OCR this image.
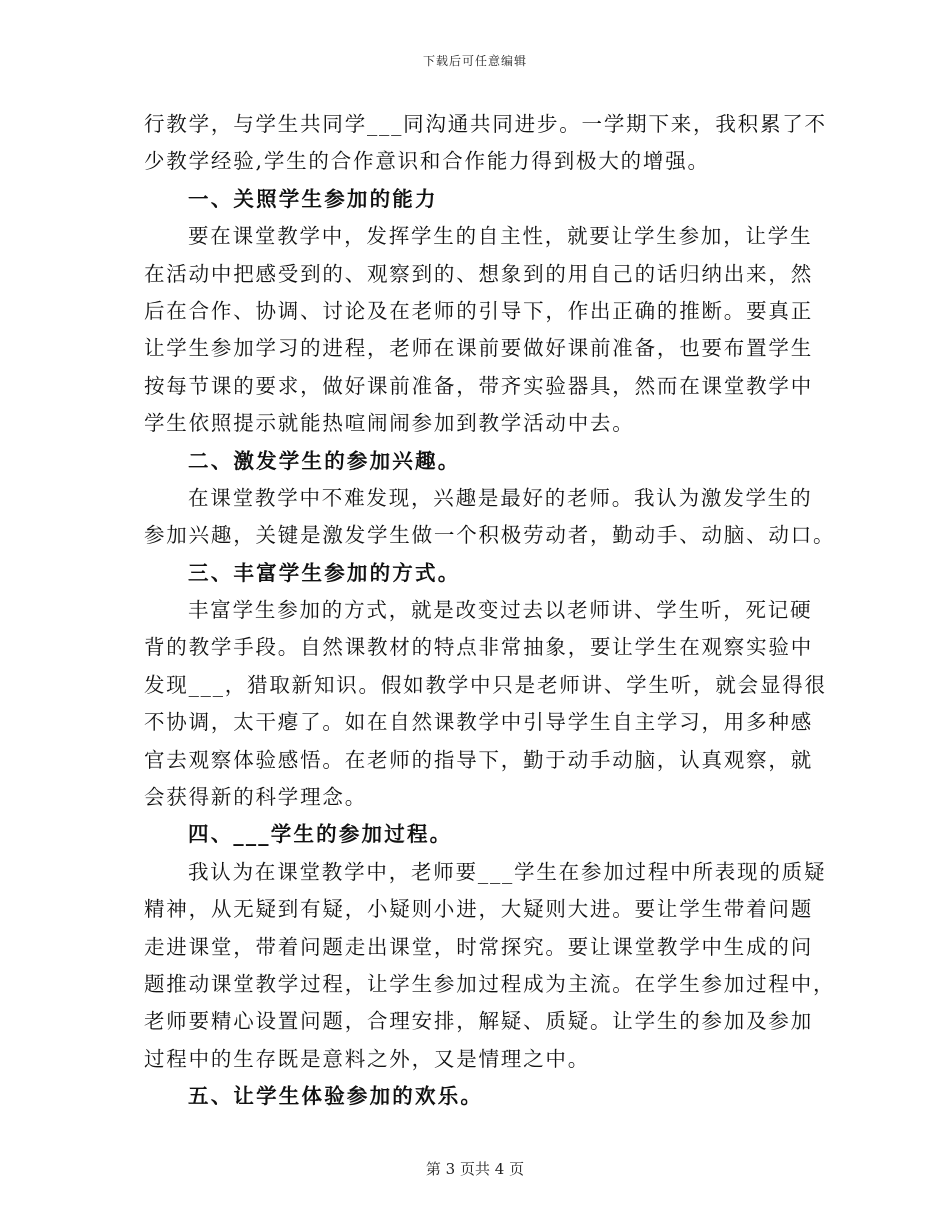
下载后可任意编辑
行教学，与学生共同学___同沟通共同进步。一学期下来，我积累了不
少教学经验,学生的合作意识和合作能力得到极大的增强。
一、关照学生参加的能力
要在课堂教学中，发挥学生的自主性，就要让学生参加，让学生
在活动中把感受到的、观察到的、想象到的用自己的话归纳出来，然
后在合作、协调、讨论及在老师的引导下，作出正确的推断。要真正
让学生参加学习的进程，老师在课前要做好课前准备，也要布置学生
按每节课的要求，做好课前准备，带齐实验器具，然而在课堂教学中
学生依照提示就能热喧闹闹参加到教学活动中去。
二、激发学生的参加兴趣。
在课堂教学中不难发现，兴趣是最好的老师。我认为激发学生的
参加兴趣，关键是激发学生做一个积极劳动者，勤动手、动脑、动口。
三、丰富学生参加的方式。
丰富学生参加的方式，就是改变过去以老师讲、学生听，死记硬
背的教学手段。自然课教材的特点非常抽象，要让学生在观察实验中
发现___，猎取新知识。假如教学中只是老师讲、学生听，就会显得很
不协调，太干瘪了。如在自然课教学中引导学生自主学习，用多种感
官去观察体验感悟。在老师的指导下，勤于动手动脑，认真观察，就
会获得新的科学理念。
四、___学生的参加过程。
我认为在课堂教学中，老师要___学生在参加过程中所表现的质疑
精神，从无疑到有疑，小疑则小进，大疑则大进。要让学生带着问题
走进课堂，带着问题走出课堂，时常探究。要让课堂教学中生成的问
题推动课堂教学过程，让学生参加过程成为主流。在学生参加过程中，
老师要精心设置问题，合理安排，解疑、质疑。让学生的参加及参加
过程中的生存既是意料之外，又是情理之中。
五、让学生体验参加的欢乐。
第 3 页共 4 页
